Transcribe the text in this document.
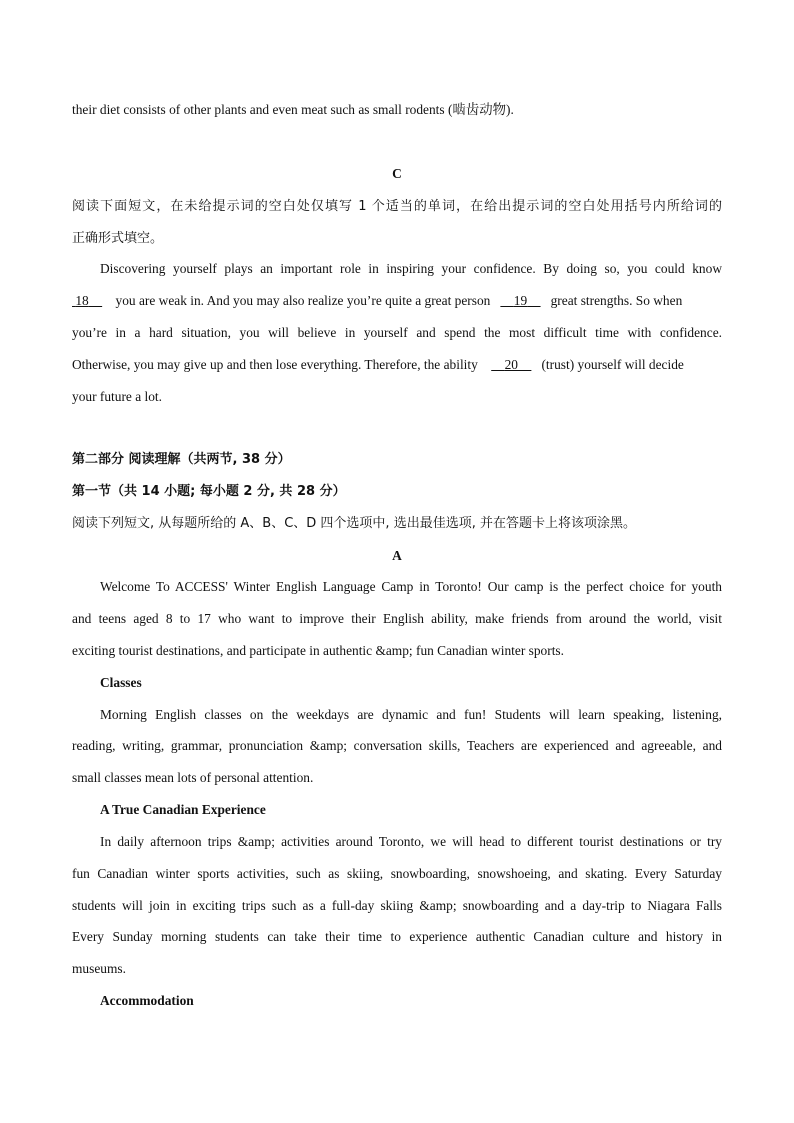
their diet consists of other plants and even meat such as small rodents (啮齿动物).
C
阅读下面短文，在未给提示词的空白处仅填写 1 个适当的单词，在给出提示词的空白处用括号内所给词的
正确形式填空。
Discovering yourself plays an important role in inspiring your confidence. By doing so, you could know
18 you are weak in. And you may also realize you’re quite a great person 19 great strengths. So when
you’re in a hard situation, you will believe in yourself and spend the most difficult time with confidence.
Otherwise, you may give up and then lose everything. Therefore, the ability 20 (trust) yourself will decide
your future a lot.
第二部分 阅读理解（共两节, 38 分）
第一节（共 14 小题; 每小题 2 分, 共 28 分）
阅读下列短文, 从每题所给的 A、B、C、D 四个选项中, 选出最佳选项, 并在答题卡上将该项涂黑。
A
Welcome To ACCESS' Winter English Language Camp in Toronto! Our camp is the perfect choice for youth
and teens aged 8 to 17 who want to improve their English ability, make friends from around the world, visit
exciting tourist destinations, and participate in authentic &amp; fun Canadian winter sports.
Classes
Morning English classes on the weekdays are dynamic and fun! Students will learn speaking, listening,
reading, writing, grammar, pronunciation &amp; conversation skills, Teachers are experienced and agreeable, and
small classes mean lots of personal attention.
A True Canadian Experience
In daily afternoon trips &amp; activities around Toronto, we will head to different tourist destinations or try
fun Canadian winter sports activities, such as skiing, snowboarding, snowshoeing, and skating. Every Saturday
students will join in exciting trips such as a full-day skiing &amp; snowboarding and a day-trip to Niagara Falls
Every Sunday morning students can take their time to experience authentic Canadian culture and history in
museums.
Accommodation
